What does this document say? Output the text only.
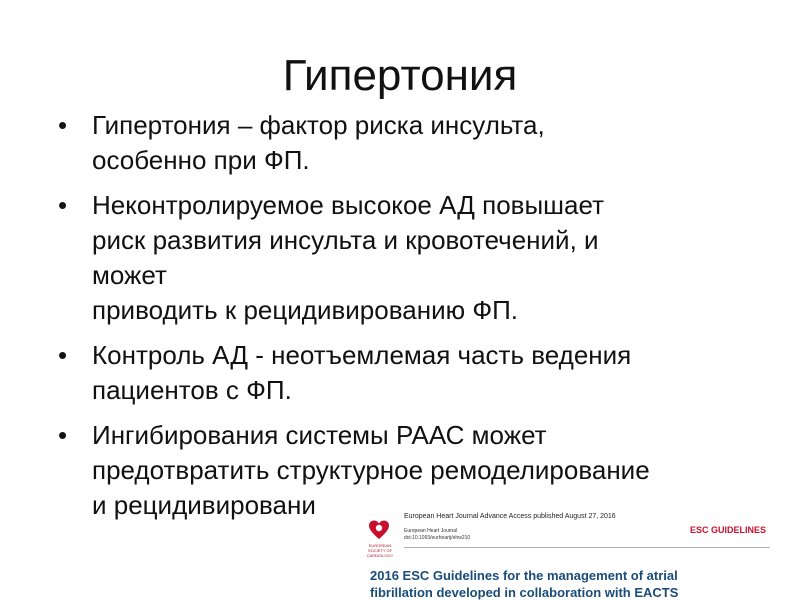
Гипертония
• Гипертония – фактор риска инсульта,
особенно при ФП.
• Неконтролируемое высокое АД повышает
риск развития инсульта и кровотечений, и
может
приводить к рецидивированию ФП.
• Контроль АД - неотъемлемая часть ведения
пациентов с ФП.
• Ингибирования системы РААС может
предотвратить структурное ремоделирование
и рецидивировани
EUROPEAN SOCIETY OF CARDIOLOGY
European Heart Journal Advance Access published August 27, 2016
European Heart Journal
doi:10.1093/eurheartj/ehw210
ESC GUIDELINES
2016 ESC Guidelines for the management of atrial
fibrillation developed in collaboration with EACTS
